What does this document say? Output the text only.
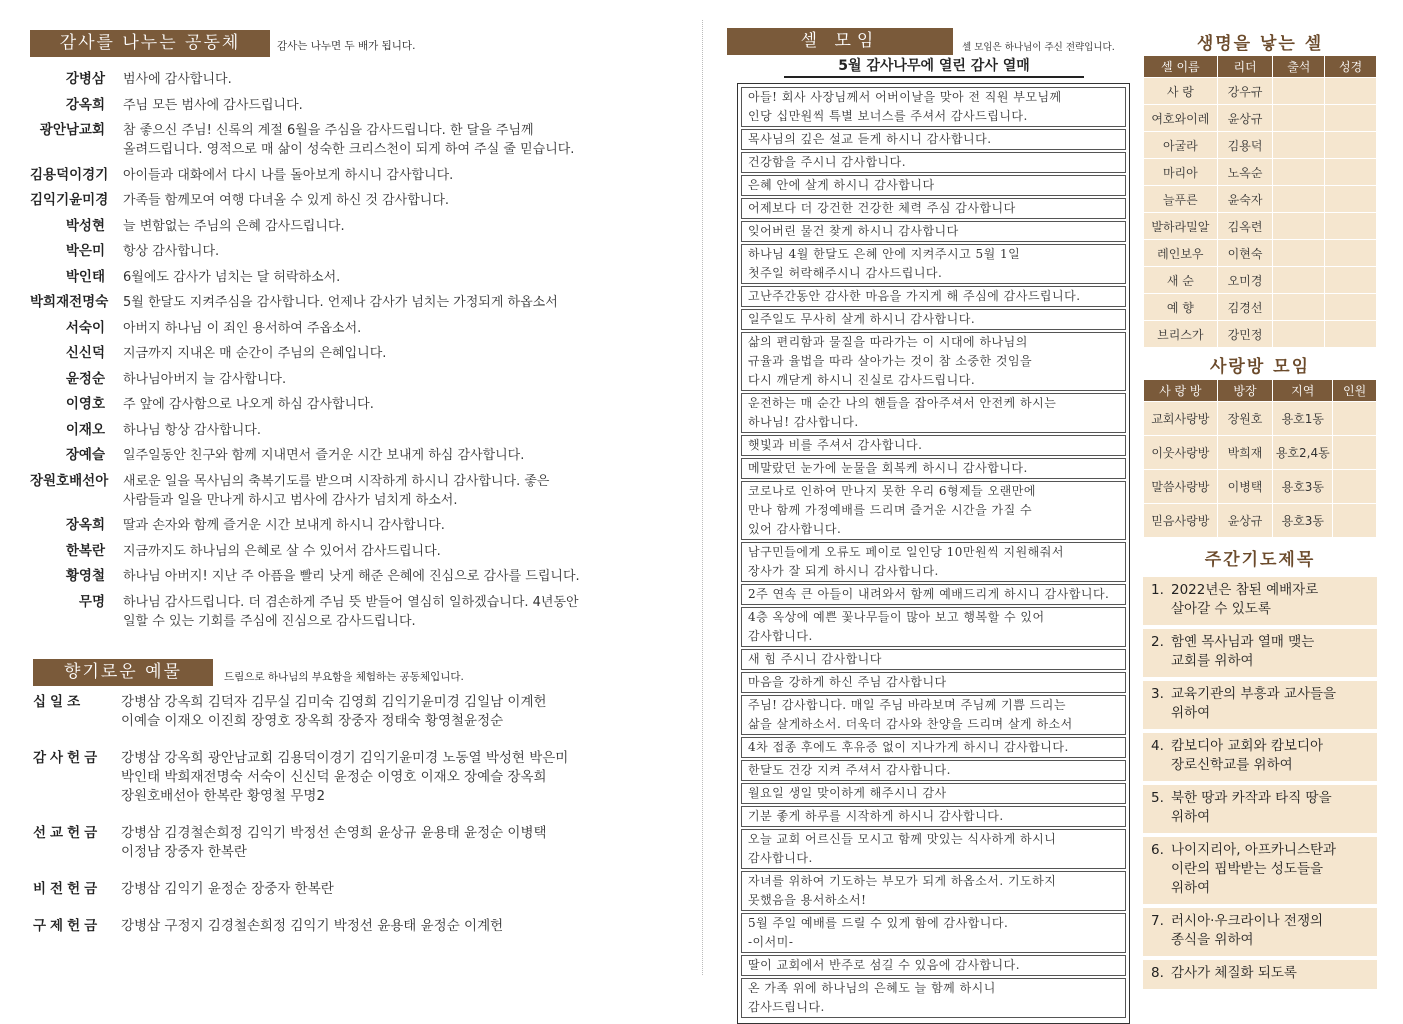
감사를 나누는 공동체	감사는 나누면 두 배가 됩니다.
강병삼	범사에 감사합니다.
강옥희	주님 모든 범사에 감사드립니다.
광안남교회	참 좋으신 주님! 신록의 계절 6월을 주심을 감사드립니다. 한 달을 주님께
올려드립니다. 영적으로 매 삶이 성숙한 크리스천이 되게 하여 주실 줄 믿습니다.
김용덕이경기	아이들과 대화에서 다시 나를 돌아보게 하시니 감사합니다.
김익기윤미경	가족들 함께모여 여행 다녀올 수 있게 하신 것 감사합니다.
박성현	늘 변함없는 주님의 은혜 감사드립니다.
박은미	항상 감사합니다.
박인태	6월에도 감사가 넘치는 달 허락하소서.
박희재전명숙	5월 한달도 지켜주심을 감사합니다. 언제나 감사가 넘치는 가정되게 하옵소서
서숙이	아버지 하나님 이 죄인 용서하여 주옵소서.
신신덕	지금까지 지내온 매 순간이 주님의 은혜입니다.
윤정순	하나님아버지 늘 감사합니다.
이영호	주 앞에 감사함으로 나오게 하심 감사합니다.
이재오	하나님 항상 감사합니다.
장예슬	일주일동안 친구와 함께 지내면서 즐거운 시간 보내게 하심 감사합니다.
장원호배선아	새로운 일을 목사님의 축복기도를 받으며 시작하게 하시니 감사합니다. 좋은
사람들과 일을 만나게 하시고 범사에 감사가 넘치게 하소서.
장옥희	딸과 손자와 함께 즐거운 시간 보내게 하시니 감사합니다.
한복란	지금까지도 하나님의 은혜로 살 수 있어서 감사드립니다.
황영철	하나님 아버지! 지난 주 아픔을 빨리 낫게 해준 은혜에 진심으로 감사를 드립니다.
무명	하나님 감사드립니다. 더 겸손하게 주님 뜻 받들어 열심히 일하겠습니다. 4년동안
일할 수 있는 기회를 주심에 진심으로 감사드립니다.
향기로운 예물	드림으로 하나님의 부요함을 체험하는 공동체입니다.
십일조	강병삼 강옥희 김덕자 김무실 김미숙 김영희 김익기윤미경 김일남 이계헌
이예슬 이재오 이진희 장영호 장옥희 장중자 정태숙 황영철윤정순
감사헌금	강병삼 강옥희 광안남교회 김용덕이경기 김익기윤미경 노동열 박성현 박은미
박인태 박희재전명숙 서숙이 신신덕 윤정순 이영호 이재오 장예슬 장옥희
장원호배선아 한복란 황영철 무명2
선교헌금	강병삼 김경철손희정 김익기 박정선 손영희 윤상규 윤용태 윤정순 이병택
이정남 장중자 한복란
비전헌금	강병삼 김익기 윤정순 장중자 한복란
구제헌금	강병삼 구정지 김경철손희정 김익기 박정선 윤용태 윤정순 이계헌
셀 모임	셀 모임은 하나님이 주신 전략입니다.
5월 감사나무에 열린 감사 열매
아들! 회사 사장님께서 어버이날을 맞아 전 직원 부모님께
인당 십만원씩 특별 보너스를 주셔서 감사드립니다.
목사님의 깊은 설교 듣게 하시니 감사합니다.
건강함을 주시니 감사합니다.
은혜 안에 살게 하시니 감사합니다
어제보다 더 강건한 건강한 체력 주심 감사합니다
잊어버린 물건 찾게 하시니 감사합니다
하나님 4월 한달도 은혜 안에 지켜주시고 5월 1일
첫주일 허락해주시니 감사드립니다.
고난주간동안 감사한 마음을 가지게 해 주심에 감사드립니다.
일주일도 무사히 살게 하시니 감사합니다.
삶의 편리함과 물질을 따라가는 이 시대에 하나님의
규율과 율법을 따라 살아가는 것이 참 소중한 것임을
다시 깨닫게 하시니 진실로 감사드립니다.
운전하는 매 순간 나의 핸들을 잡아주셔서 안전케 하시는
하나님! 감사합니다.
햇빛과 비를 주셔서 감사합니다.
메말랐던 눈가에 눈물을 회복케 하시니 감사합니다.
코로나로 인하여 만나지 못한 우리 6형제들 오랜만에
만나 함께 가정예배를 드리며 즐거운 시간을 가질 수
있어 감사합니다.
남구민들에게 오류도 페이로 일인당 10만원씩 지원해줘서
장사가 잘 되게 하시니 감사합니다.
2주 연속 큰 아들이 내려와서 함께 예배드리게 하시니 감사합니다.
4층 옥상에 예쁜 꽃나무들이 많아 보고 행복할 수 있어
감사합니다.
새 힘 주시니 감사합니다
마음을 강하게 하신 주님 감사합니다
주님! 감사합니다. 매일 주님 바라보며 주님께 기쁨 드리는
삶을 살게하소서. 더욱더 감사와 찬양을 드리며 살게 하소서
4차 접종 후에도 후유증 없이 지나가게 하시니 감사합니다.
한달도 건강 지켜 주셔서 감사합니다.
월요일 생일 맞이하게 해주시니 감사
기분 좋게 하루를 시작하게 하시니 감사합니다.
오늘 교회 어르신들 모시고 함께 맛있는 식사하게 하시니
감사합니다.
자녀를 위하여 기도하는 부모가 되게 하옵소서. 기도하지
못했음을 용서하소서!
5월 주일 예배를 드릴 수 있게 함에 감사합니다.
-이서미-
딸이 교회에서 반주로 섬길 수 있음에 감사합니다.
온 가족 위에 하나님의 은혜도 늘 함께 하시니
감사드립니다.
생명을 낳는 셀
셀 이름	리더	출석	성경
사 랑	강우규		
여호와이레	윤상규		
아굴라	김용덕		
마리아	노옥순		
늘푸른	윤숙자		
발하라밀알	김옥련		
레인보우	이현숙		
새 순	오미경		
예 향	김경선		
브리스가	강민정		
사랑방 모임
사 랑 방	방장	지역	인원
교회사랑방	장원호	용호1동	
이웃사랑방	박희재	용호2,4동	
말씀사랑방	이병택	용호3동	
믿음사랑방	윤상규	용호3동	
주간기도제목
1. 2022년은 참된 예배자로
살아갈 수 있도록
2. 함옌 목사님과 열매 맺는
교회를 위하여
3. 교육기관의 부흥과 교사들을
위하여
4. 캄보디아 교회와 캄보디아
장로신학교를 위하여
5. 북한 땅과 카작과 타직 땅을
위하여
6. 나이지리아, 아프카니스탄과
이란의 핍박받는 성도들을
위하여
7. 러시아·우크라이나 전쟁의
종식을 위하여
8. 감사가 체질화 되도록
